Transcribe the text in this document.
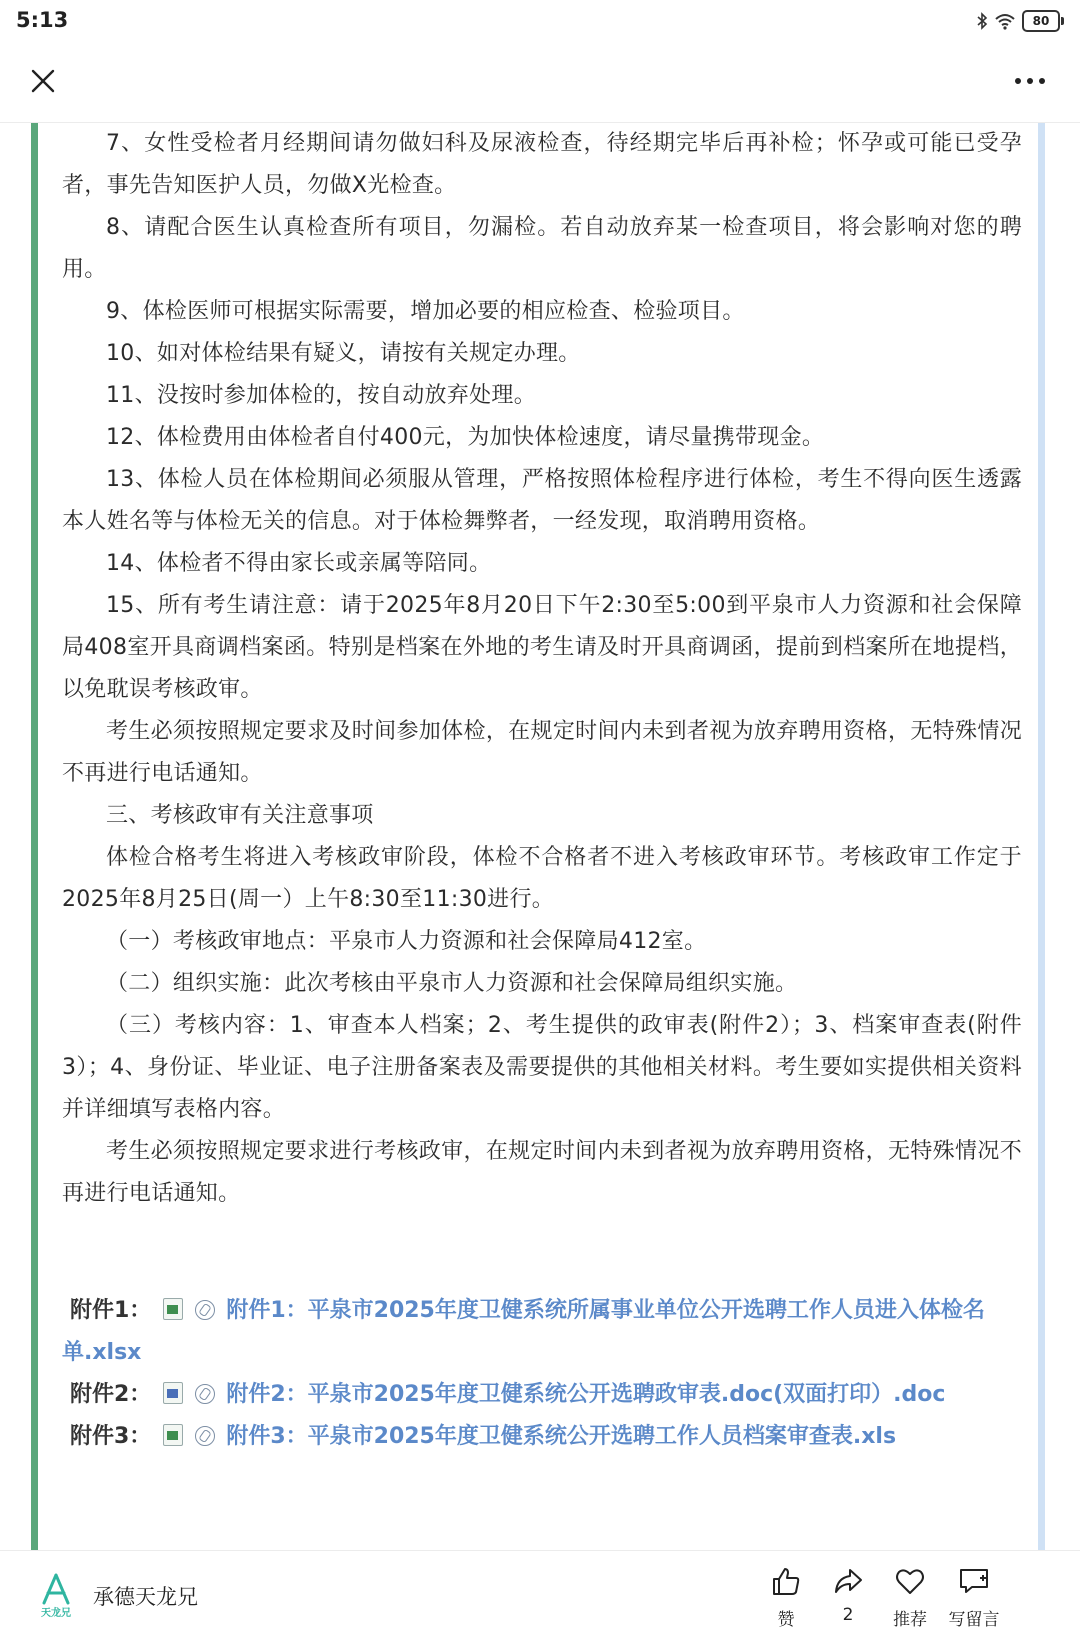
5:13	80

7、女性受检者月经期间请勿做妇科及尿液检查，待经期完毕后再补检；怀孕或可能已受孕者，事先告知医护人员，勿做X光检查。

8、请配合医生认真检查所有项目，勿漏检。若自动放弃某一检查项目，将会影响对您的聘用。

9、体检医师可根据实际需要，增加必要的相应检查、检验项目。

10、如对体检结果有疑义，请按有关规定办理。

11、没按时参加体检的，按自动放弃处理。

12、体检费用由体检者自付400元，为加快体检速度，请尽量携带现金。

13、体检人员在体检期间必须服从管理，严格按照体检程序进行体检，考生不得向医生透露本人姓名等与体检无关的信息。对于体检舞弊者，一经发现，取消聘用资格。

14、体检者不得由家长或亲属等陪同。

15、所有考生请注意：请于2025年8月20日下午2:30至5:00到平泉市人力资源和社会保障局408室开具商调档案函。特别是档案在外地的考生请及时开具商调函，提前到档案所在地提档，以免耽误考核政审。

考生必须按照规定要求及时间参加体检，在规定时间内未到者视为放弃聘用资格，无特殊情况不再进行电话通知。

三、考核政审有关注意事项

体检合格考生将进入考核政审阶段，体检不合格者不进入考核政审环节。考核政审工作定于2025年8月25日(周一）上午8:30至11:30进行。

（一）考核政审地点：平泉市人力资源和社会保障局412室。

（二）组织实施：此次考核由平泉市人力资源和社会保障局组织实施。

（三）考核内容：1、审查本人档案；2、考生提供的政审表(附件2）；3、档案审查表(附件3）；4、身份证、毕业证、电子注册备案表及需要提供的其他相关材料。考生要如实提供相关资料并详细填写表格内容。

考生必须按照规定要求进行考核政审，在规定时间内未到者视为放弃聘用资格，无特殊情况不再进行电话通知。

附件1：	附件1：平泉市2025年度卫健系统所属事业单位公开选聘工作人员进入体检名单.xlsx
附件2：	附件2：平泉市2025年度卫健系统公开选聘政审表.doc(双面打印）.doc
附件3：	附件3：平泉市2025年度卫健系统公开选聘工作人员档案审查表.xls
天龙兄
承德天龙兄
赞	2	推荐	写留言
